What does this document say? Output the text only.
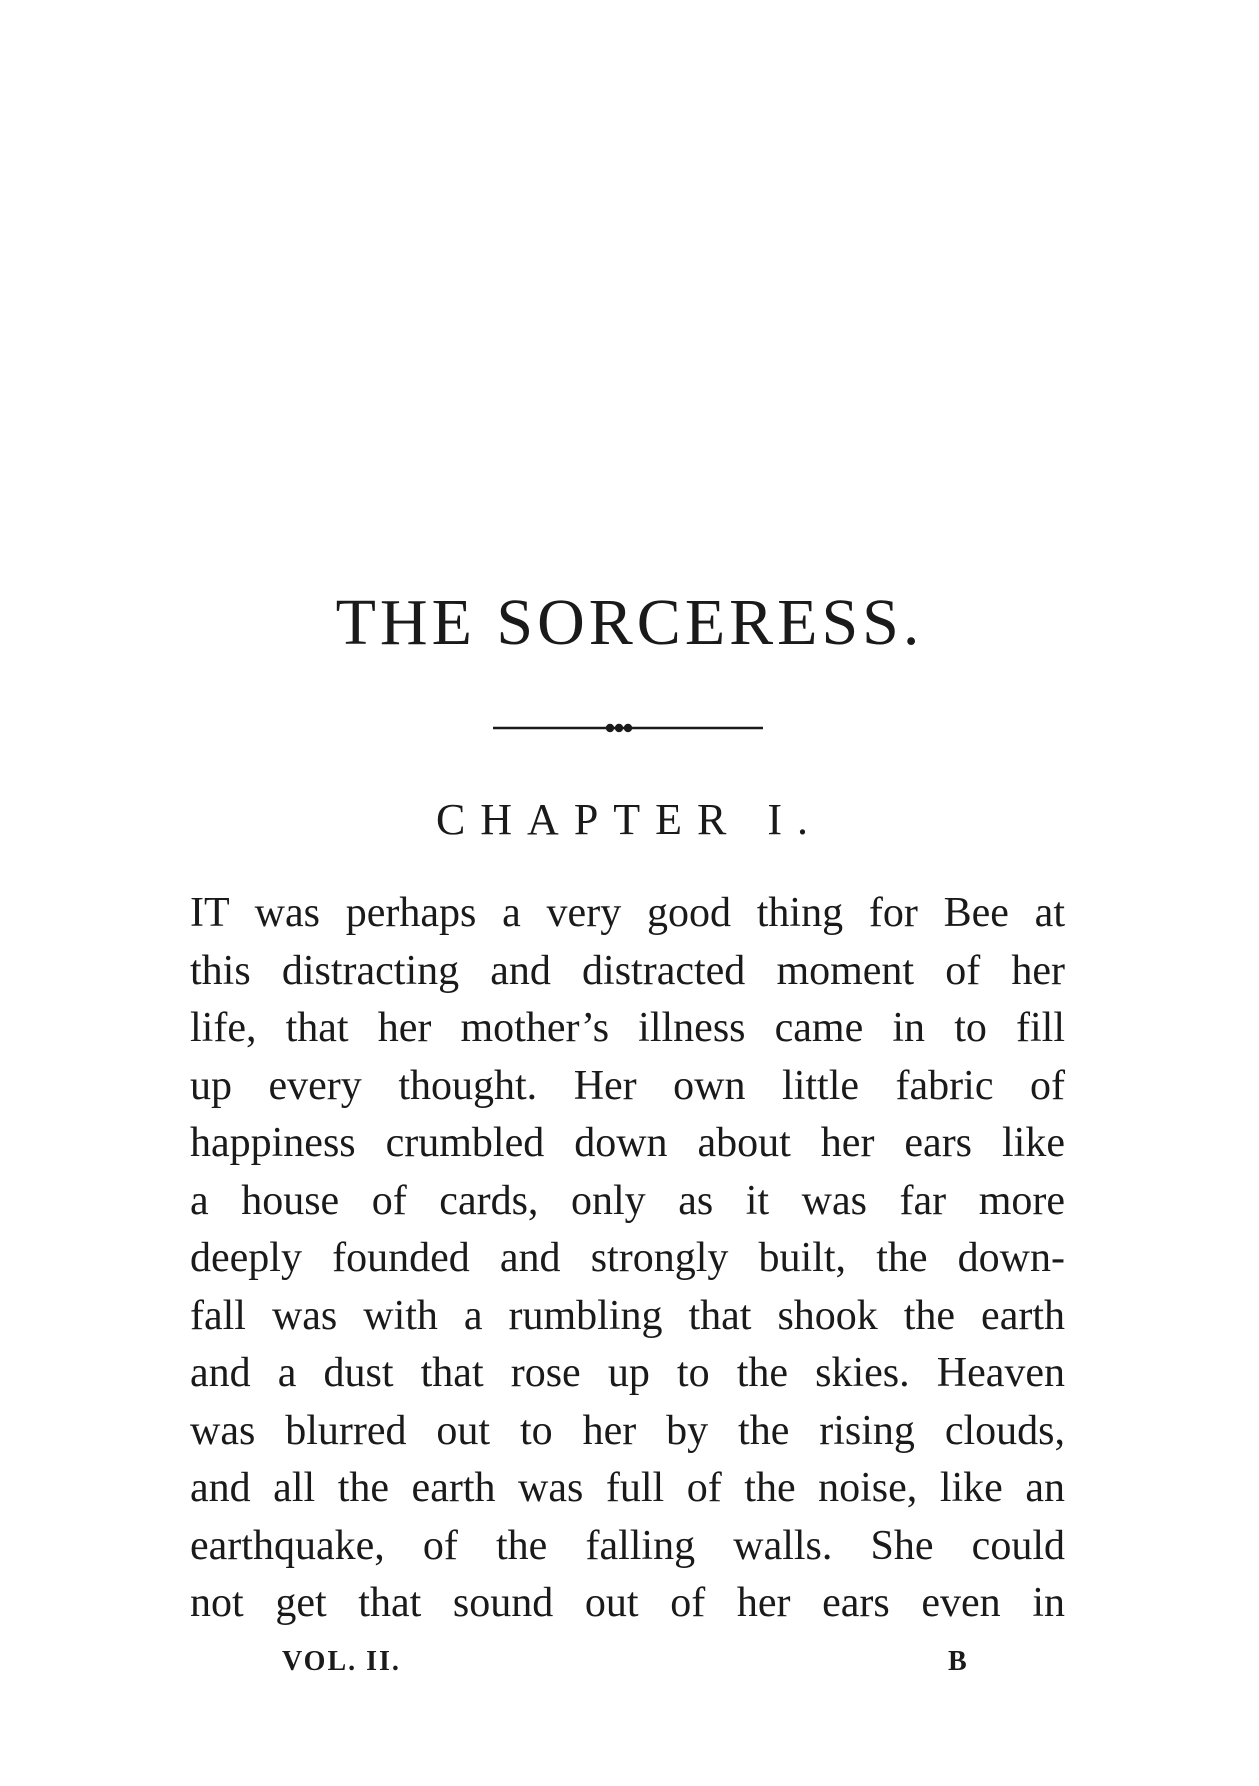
THE SORCERESS.
CHAPTER I.
IT was perhaps a very good thing for Bee at
this distracting and distracted moment of her
life, that her mother’s illness came in to fill
up every thought. Her own little fabric of
happiness crumbled down about her ears like
a house of cards, only as it was far more
deeply founded and strongly built, the down-
fall was with a rumbling that shook the earth
and a dust that rose up to the skies. Heaven
was blurred out to her by the rising clouds,
and all the earth was full of the noise, like an
earthquake, of the falling walls. She could
not get that sound out of her ears even in
VOL. II.	B
